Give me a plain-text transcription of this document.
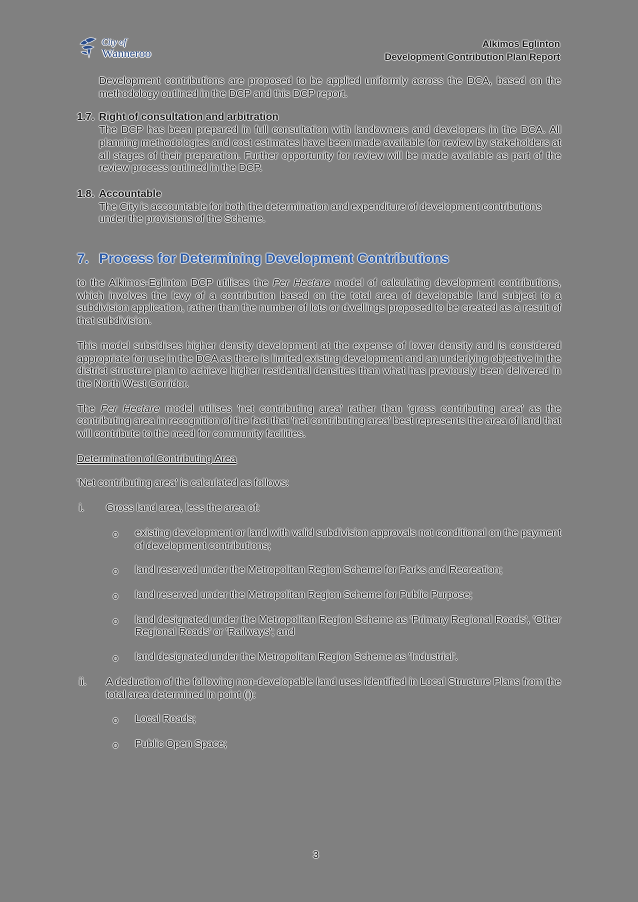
City of
Wanneroo
Alkimos Eglinton
Development Contribution Plan Report

Development contributions are proposed to be applied uniformly across the DCA, based on the methodology outlined in the DCP and this DCP report.

1.7. Right of consultation and arbitration

The DCP has been prepared in full consultation with landowners and developers in the DCA. All planning methodologies and cost estimates have been made available for review by stakeholders at all stages of their preparation. Further opportunity for review will be made available as part of the review process outlined in the DCP.

1.8. Accountable

The City is accountable for both the determination and expenditure of development contributions under the provisions of the Scheme.

7. Process for Determining Development Contributions

to the Alkimos-Eglinton DCP utilises the Per Hectare model of calculating development contributions, which involves the levy of a contribution based on the total area of developable land subject to a subdivision application, rather than the number of lots or dwellings proposed to be created as a result of that subdivision.

This model subsidises higher density development at the expense of lower density and is considered appropriate for use in the DCA as there is limited existing development and an underlying objective in the district structure plan to achieve higher residential densities than what has previously been delivered in the North West Corridor.

The Per Hectare model utilises 'net contributing area' rather than 'gross contributing area' as the contributing area in recognition of the fact that 'net contributing area' best represents the area of land that will contribute to the need for community facilities.

Determination of Contributing Area
'Net contributing area' is calculated as follows:
i.	Gross land area, less the area of:
o	existing development or land with valid subdivision approvals not conditional on the payment of development contributions;
o	land reserved under the Metropolitan Region Scheme for Parks and Recreation;
o	land reserved under the Metropolitan Region Scheme for Public Purpose;
o	land designated under the Metropolitan Region Scheme as 'Primary Regional Roads', 'Other Regional Roads' or 'Railways'; and
o	land designated under the Metropolitan Region Scheme as 'Industrial'.
ii.	A deduction of the following non-developable land uses identified in Local Structure Plans from the total area determined in point (i):
o	Local Roads;
o	Public Open Space;
3
